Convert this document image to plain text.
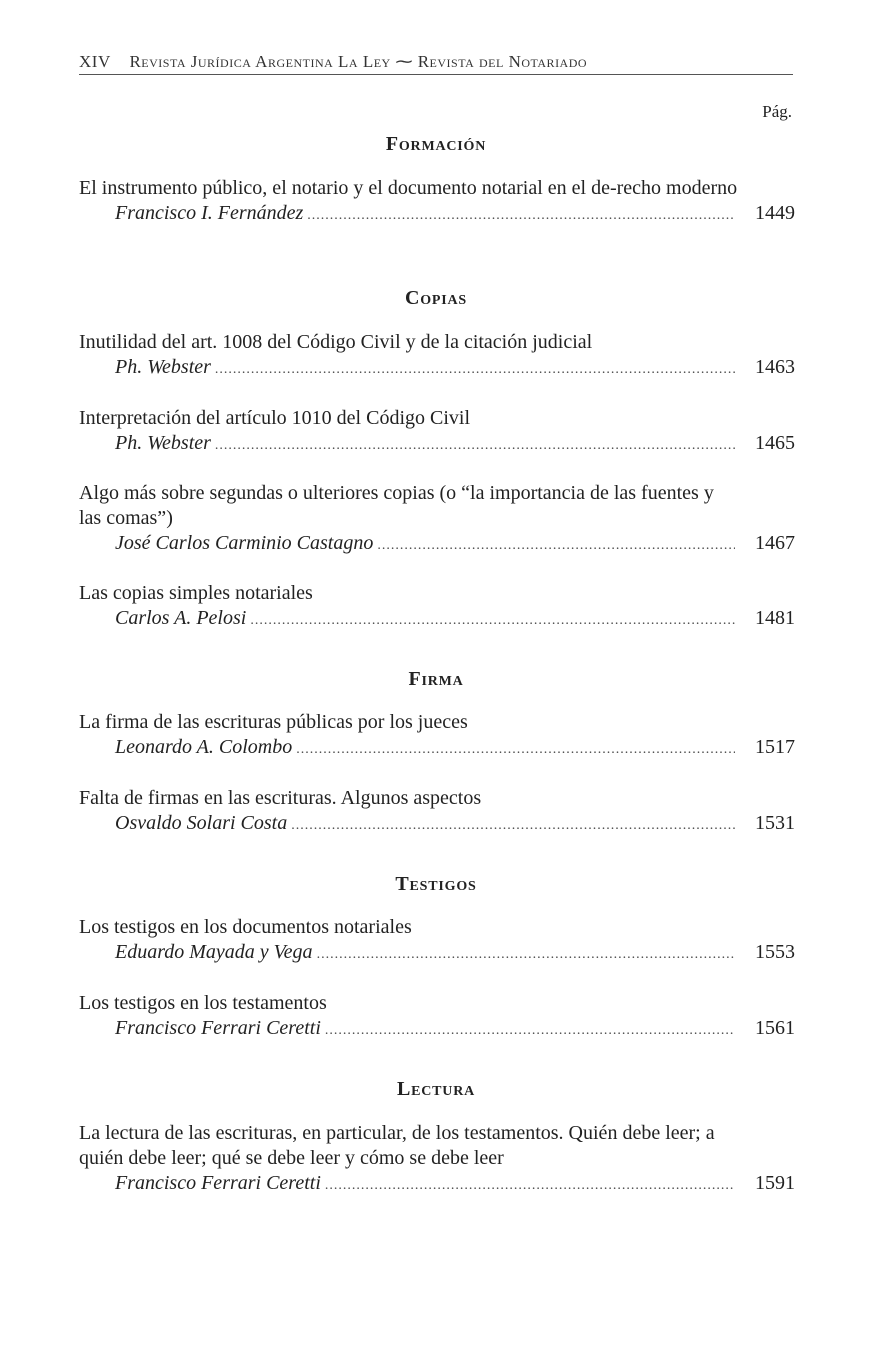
XIV Revista Jurídica Argentina La Ley ⁓ Revista del Notariado
Pág.
Formación
El instrumento público, el notario y el documento notarial en el de-recho moderno
Francisco I. Fernández .....	1449
Copias
Inutilidad del art. 1008 del Código Civil y de la citación judicial
Ph. Webster .....	1463
Interpretación del artículo 1010 del Código Civil
Ph. Webster .....	1465
Algo más sobre segundas o ulteriores copias (o “la importancia de las fuentes y las comas”)
José Carlos Carminio Castagno .....	1467
Las copias simples notariales
Carlos A. Pelosi .....	1481
Firma
La firma de las escrituras públicas por los jueces
Leonardo A. Colombo .....	1517
Falta de firmas en las escrituras. Algunos aspectos
Osvaldo Solari Costa .....	1531
Testigos
Los testigos en los documentos notariales
Eduardo Mayada y Vega .....	1553
Los testigos en los testamentos
Francisco Ferrari Ceretti .....	1561
Lectura
La lectura de las escrituras, en particular, de los testamentos. Quién debe leer; a quién debe leer; qué se debe leer y cómo se debe leer
Francisco Ferrari Ceretti .....	1591
